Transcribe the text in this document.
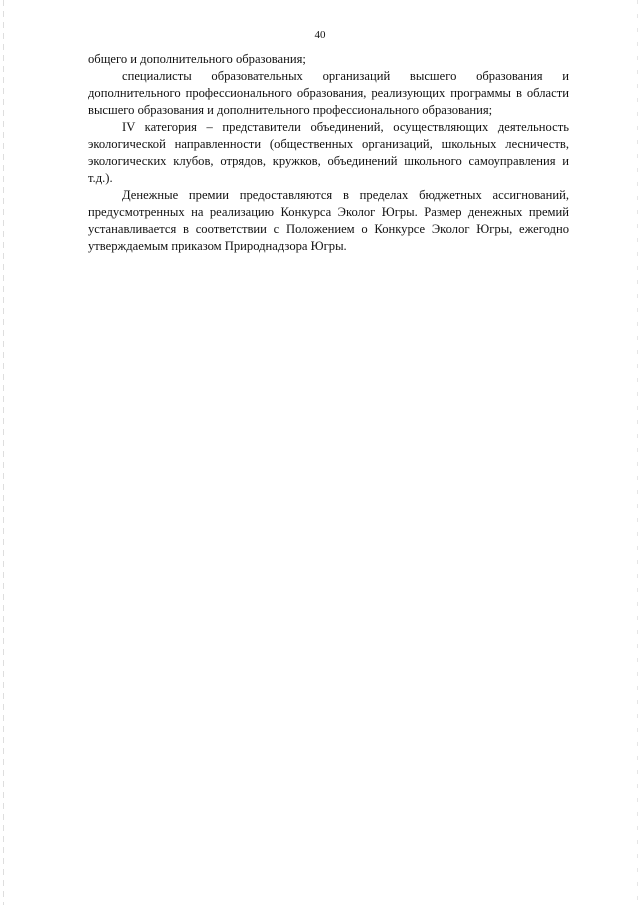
40

общего и дополнительного образования;

специалисты образовательных организаций высшего образования и дополнительного профессионального образования, реализующих программы в области высшего образования и дополнительного профессионального образования;

IV категория – представители объединений, осуществляющих деятельность экологической направленности (общественных организаций, школьных лесничеств, экологических клубов, отрядов, кружков, объединений школьного самоуправления и т.д.).

Денежные премии предоставляются в пределах бюджетных ассигнований, предусмотренных на реализацию Конкурса Эколог Югры. Размер денежных премий устанавливается в соответствии с Положением о Конкурсе Эколог Югры, ежегодно утверждаемым приказом Природнадзора Югры.
